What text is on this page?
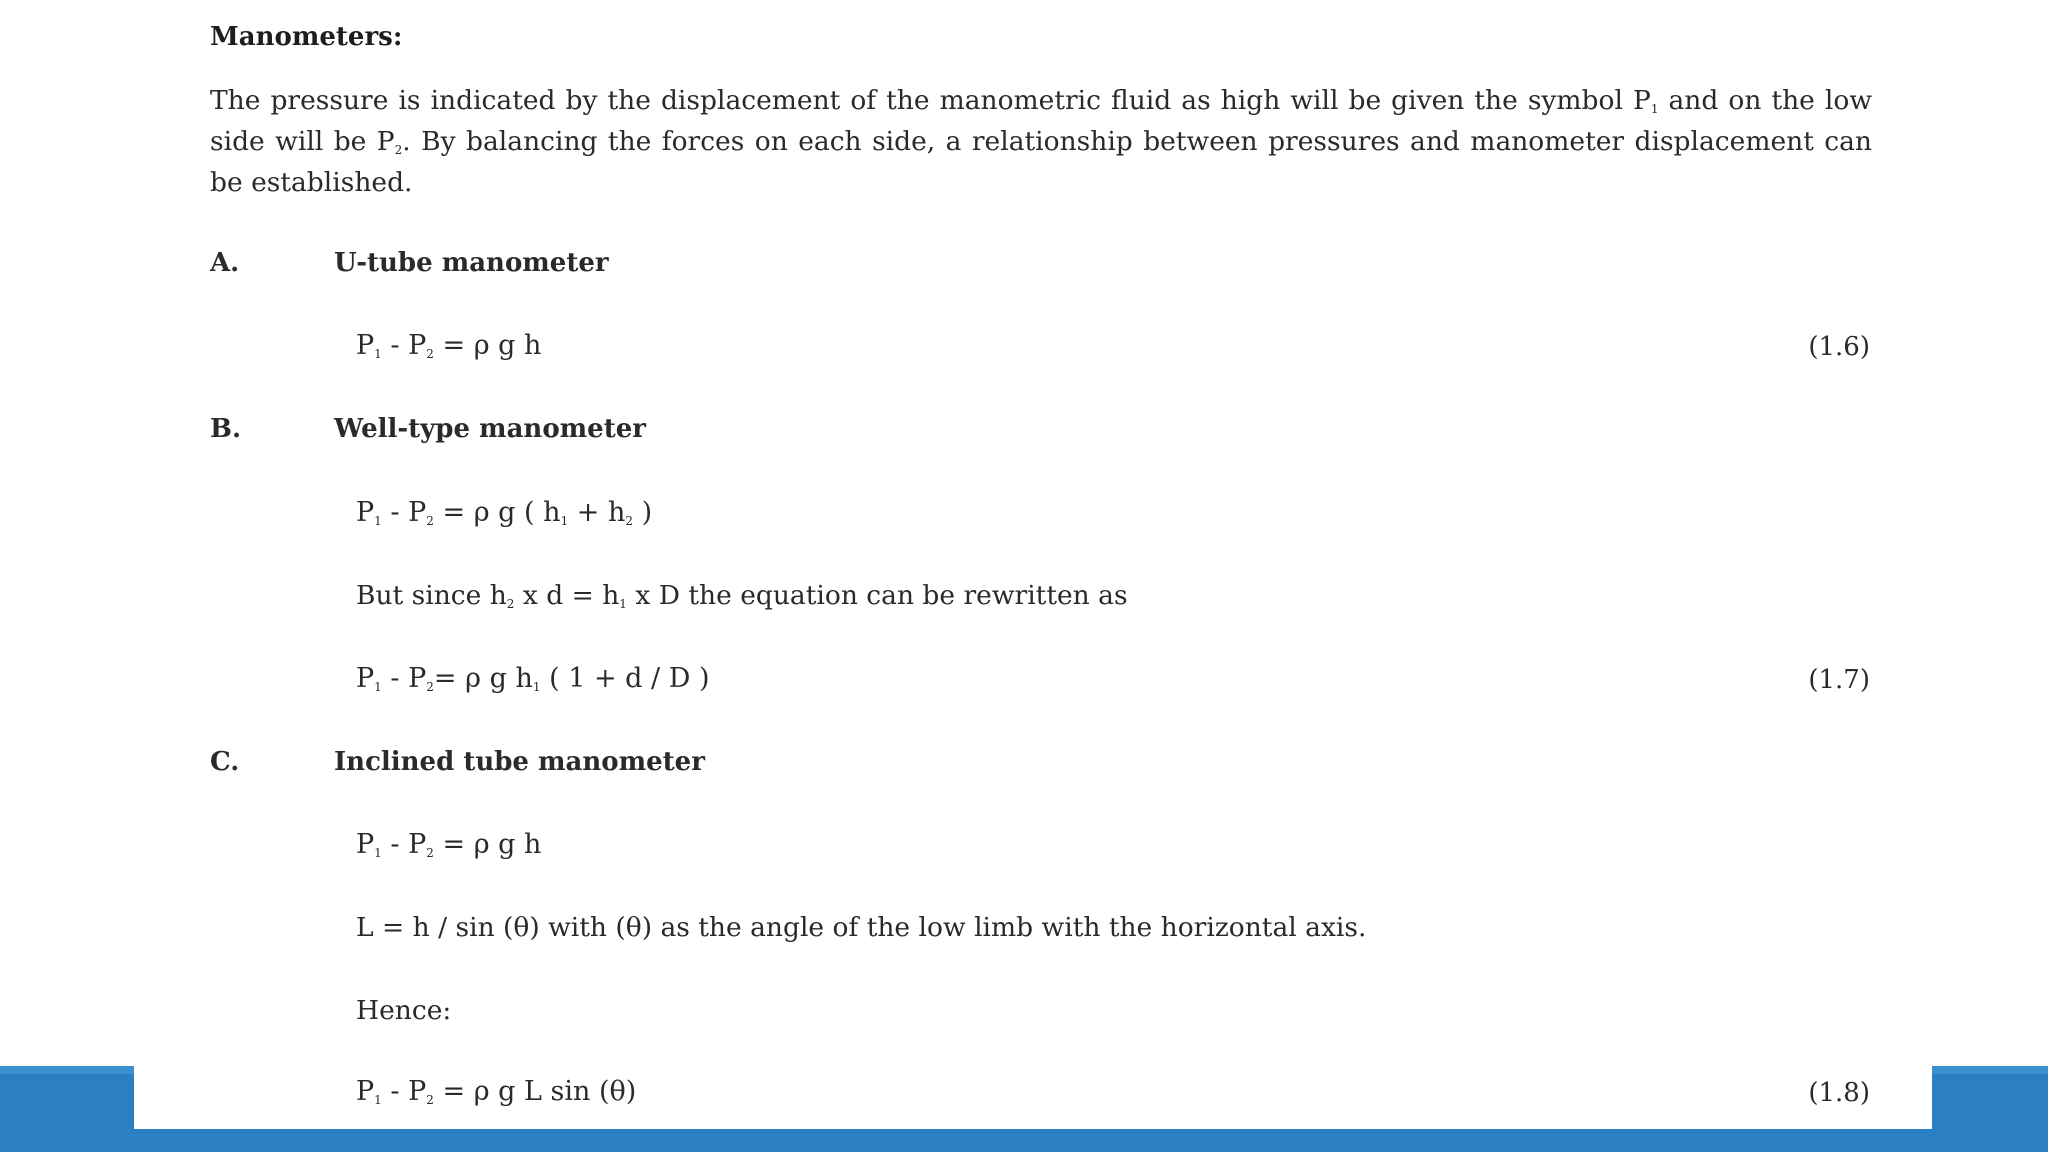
Manometers:

The pressure is indicated by the displacement of the manometric fluid as high will be given the symbol $P_1$ and on the low side will be $P_2$. By balancing the forces on each side, a relationship between pressures and manometer displacement can be established.

A.	U-tube manometer
$P_1 - P_2 = \rho$ g h	(1.6)
B.	Well-type manometer
$P_1 - P_2 = \rho$ g ( $h_1 + h_2$ )
But since $h_2$ x $d = h_1$ x D the equation can be rewritten as
$P_1 - P_2= \rho$ g $h_1$ ( 1 + d / D )	(1.7)
C.	Inclined tube manometer
$P_1 - P_2 = \rho$ g h
L = h / sin (θ) with (θ) as the angle of the low limb with the horizontal axis.
Hence:
$P_1 - P_2 = \rho$ g L sin (θ)	(1.8)
